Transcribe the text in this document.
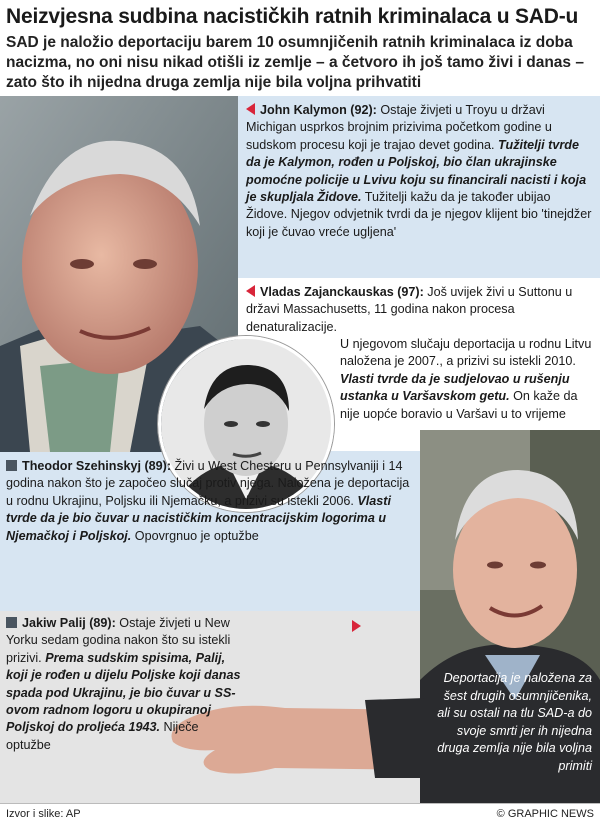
Neizvjesna sudbina nacističkih ratnih kriminalaca u SAD-u
SAD je naložio deportaciju barem 10 osumnjičenih ratnih kriminalaca iz doba nacizma, no oni nisu nikad otišli iz zemlje – a četvoro ih još tamo živi i danas – zato što ih nijedna druga zemlja nije bila voljna prihvatiti
John Kalymon (92): Ostaje živjeti u Troyu u državi Michigan usprkos brojnim prizivima početkom godine u sudskom procesu koji je trajao devet godina. Tužitelji tvrde da je Kalymon, rođen u Poljskoj, bio član ukrajinske pomoćne policije u Lvivu koju su financirali nacisti i koja je skupljala Židove. Tužitelji kažu da je također ubijao Židove. Njegov odvjetnik tvrdi da je njegov klijent bio 'tinejdžer koji je čuvao vreće ugljena'
Vladas Zajanckauskas (97): Još uvijek živi u Suttonu u državi Massachusetts, 11 godina nakon procesa denaturalizacije.
U njegovom slučaju deportacija u rodnu Litvu naložena je 2007., a prizivi su istekli 2010. Vlasti tvrde da je sudjelovao u rušenju ustanka u Varšavskom getu. On kaže da nije uopće boravio u Varšavi u to vrijeme
Theodor Szehinskyj (89): Živi u West Chesteru u Pennsylvaniji i 14 godina nakon što je započeo slučaj protiv njega. Naložena je deportacija u rodnu Ukrajinu, Poljsku ili Njemačku, a prizivi su istekli 2006. Vlasti tvrde da je bio čuvar u nacističkim koncentracijskim logorima u Njemačkoj i Poljskoj. Opovrgnuo je optužbe
Jakiw Palij (89): Ostaje živjeti u New Yorku sedam godina nakon što su istekli prizivi. Prema sudskim spisima, Palij, koji je rođen u dijelu Poljske koji danas spada pod Ukrajinu, je bio čuvar u SS-ovom radnom logoru u okupiranoj Poljskoj do proljeća 1943. Niječe optužbe
Deportacija je naložena za šest drugih osumnjičenika, ali su ostali na tlu SAD-a do svoje smrti jer ih nijedna druga zemlja nije bila voljna primiti
Izvor i slike: AP	© GRAPHIC NEWS
